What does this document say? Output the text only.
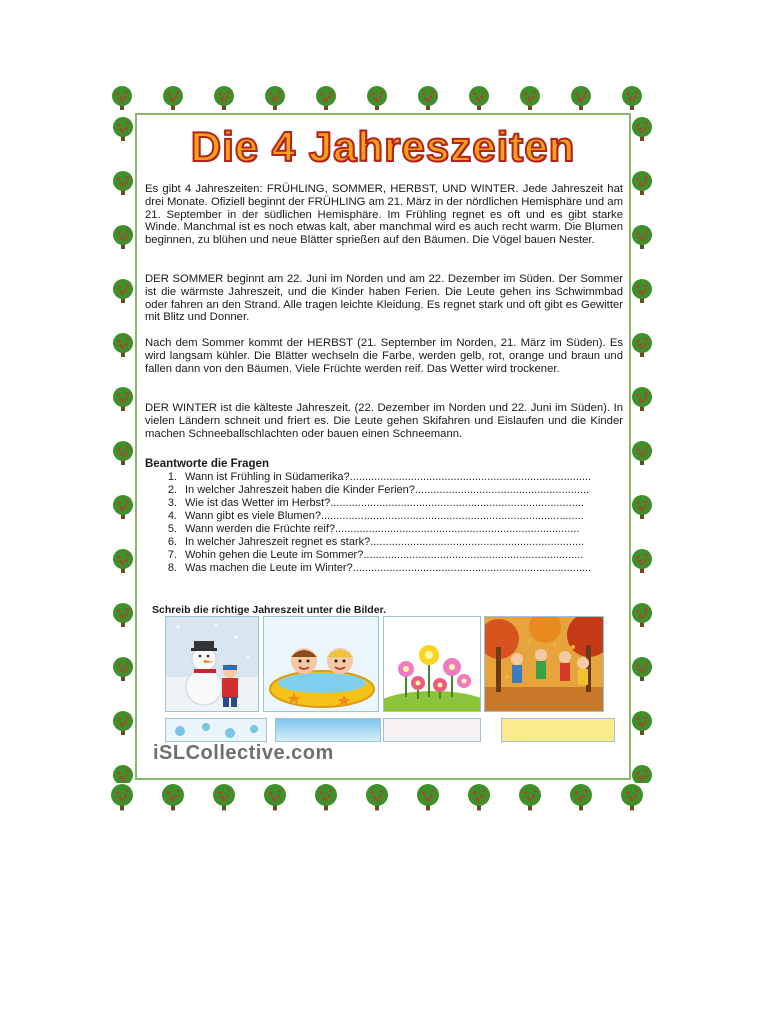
Die 4 Jahreszeiten

Es gibt 4 Jahreszeiten: FRÜHLING, SOMMER, HERBST, UND WINTER. Jede Jahreszeit hat drei Monate. Ofiziell beginnt der FRÜHLING am 21. März in der nördlichen Hemisphäre und am 21. September in der südlichen Hemisphäre. Im Frühling regnet es oft und es gibt starke Winde. Manchmal ist es noch etwas kalt, aber manchmal wird es auch recht warm. Die Blumen beginnen, zu blühen und neue Blätter sprießen auf den Bäumen. Die Vögel bauen Nester.

DER SOMMER beginnt am 22. Juni im Norden und am 22. Dezember im Süden. Der Sommer ist die wärmste Jahreszeit, und die Kinder haben Ferien. Die Leute gehen ins Schwimmbad oder fahren an den Strand. Alle tragen leichte Kleidung. Es regnet stark und oft gibt es Gewitter mit Blitz und Donner.

Nach dem Sommer kommt der HERBST (21. September im Norden, 21. März im Süden). Es wird langsam kühler. Die Blätter wechseln die Farbe, werden gelb, rot, orange und braun und fallen dann von den Bäumen. Viele Früchte werden reif. Das Wetter wird trockener.

DER WINTER ist die kälteste Jahreszeit. (22. Dezember im Norden und 22. Juni im Süden). In vielen Ländern schneit und friert es. Die Leute gehen Skifahren und Eislaufen und die Kinder machen Schneeballschlachten oder bauen einen Schneemann.

Beantworte die Fragen
1. Wann ist Frühling in Südamerika?...............................................................................
2. In welcher Jahreszeit haben die Kinder Ferien?.........................................................
3. Wie ist das Wetter im Herbst?...................................................................................
4. Wann gibt es viele Blumen?......................................................................................
5. Wann werden die Früchte reif?................................................................................
6. In welcher Jahreszeit regnet es stark?......................................................................
7. Wohin gehen die Leute im Sommer?........................................................................
8. Was machen die Leute im Winter?..............................................................................
Schreib die richtige Jahreszeit unter die Bilder.
iSLCollective.com
